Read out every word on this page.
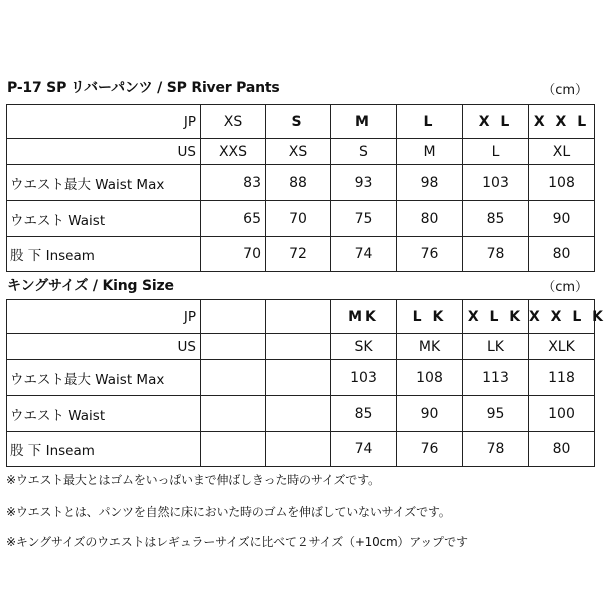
P-17 SP リバーパンツ / SP River Pants	（cm）
JP	XS	S	M	L	X L	X X L
US	XXS	XS	S	M	L	XL
ウエスト最大 Waist Max	83	88	93	98	103	108
ウエスト Waist	65	70	75	80	85	90
股 下 Inseam	70	72	74	76	78	80
キングサイズ / King Size	（cm）
JP			MK	L K	X L K	X X L K
US			SK	MK	LK	XLK
ウエスト最大 Waist Max			103	108	113	118
ウエスト Waist			85	90	95	100
股 下 Inseam			74	76	78	80
※ウエスト最大とはゴムをいっぱいまで伸ばしきった時のサイズです。
※ウエストとは、パンツを自然に床においた時のゴムを伸ばしていないサイズです。
※キングサイズのウエストはレギュラーサイズに比べて２サイズ（+10cm）アップです
